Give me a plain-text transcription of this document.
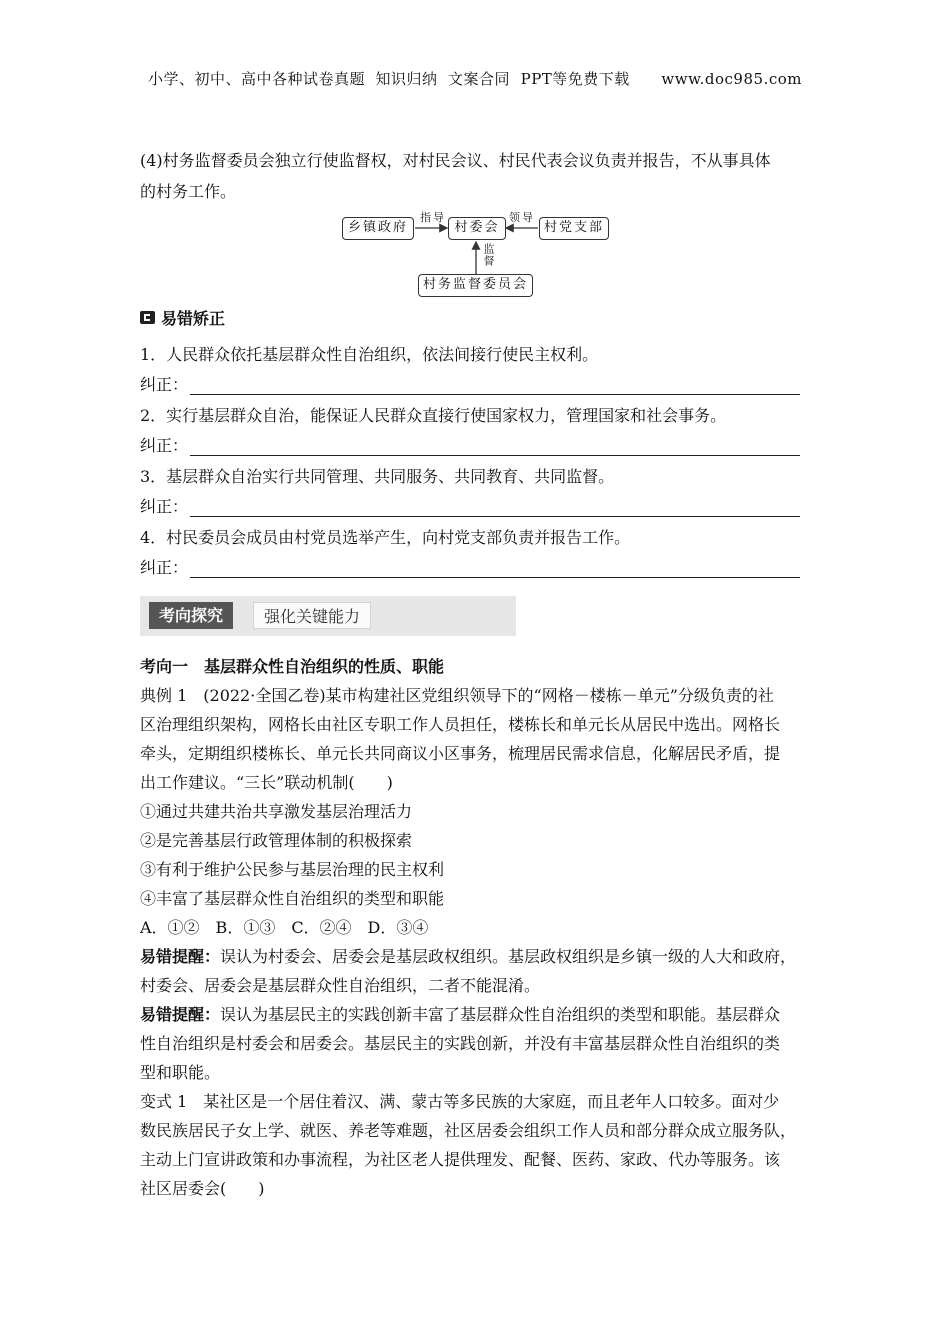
小学、初中、高中各种试卷真题  知识归纳  文案合同  PPT等免费下载      www.doc985.com
(4)村务监督委员会独立行使监督权，对村民会议、村民代表会议负责并报告，不从事具体
的村务工作。
乡镇政府	村委会	村党支部
村务监督委员会
指导	领导
监督
易错矫正
1．人民群众依托基层群众性自治组织，依法间接行使民主权利。
纠正：
2．实行基层群众自治，能保证人民群众直接行使国家权力，管理国家和社会事务。
纠正：
3．基层群众自治实行共同管理、共同服务、共同教育、共同监督。
纠正：
4．村民委员会成员由村党员选举产生，向村党支部负责并报告工作。
纠正：
考向探究	强化关键能力
考向一　基层群众性自治组织的性质、职能
典例 1　(2022·全国乙卷)某市构建社区党组织领导下的“网格－楼栋－单元”分级负责的社
区治理组织架构，网格长由社区专职工作人员担任，楼栋长和单元长从居民中选出。网格长
牵头，定期组织楼栋长、单元长共同商议小区事务，梳理居民需求信息，化解居民矛盾，提
出工作建议。“三长”联动机制(　　)
①通过共建共治共享激发基层治理活力
②是完善基层行政管理体制的积极探索
③有利于维护公民参与基层治理的民主权利
④丰富了基层群众性自治组织的类型和职能
A．①②　B．①③　C．②④　D．③④
易错提醒：误认为村委会、居委会是基层政权组织。基层政权组织是乡镇一级的人大和政府，
村委会、居委会是基层群众性自治组织，二者不能混淆。
易错提醒：误认为基层民主的实践创新丰富了基层群众性自治组织的类型和职能。基层群众
性自治组织是村委会和居委会。基层民主的实践创新，并没有丰富基层群众性自治组织的类
型和职能。
变式 1　某社区是一个居住着汉、满、蒙古等多民族的大家庭，而且老年人口较多。面对少
数民族居民子女上学、就医、养老等难题，社区居委会组织工作人员和部分群众成立服务队，
主动上门宣讲政策和办事流程，为社区老人提供理发、配餐、医药、家政、代办等服务。该
社区居委会(　　)
